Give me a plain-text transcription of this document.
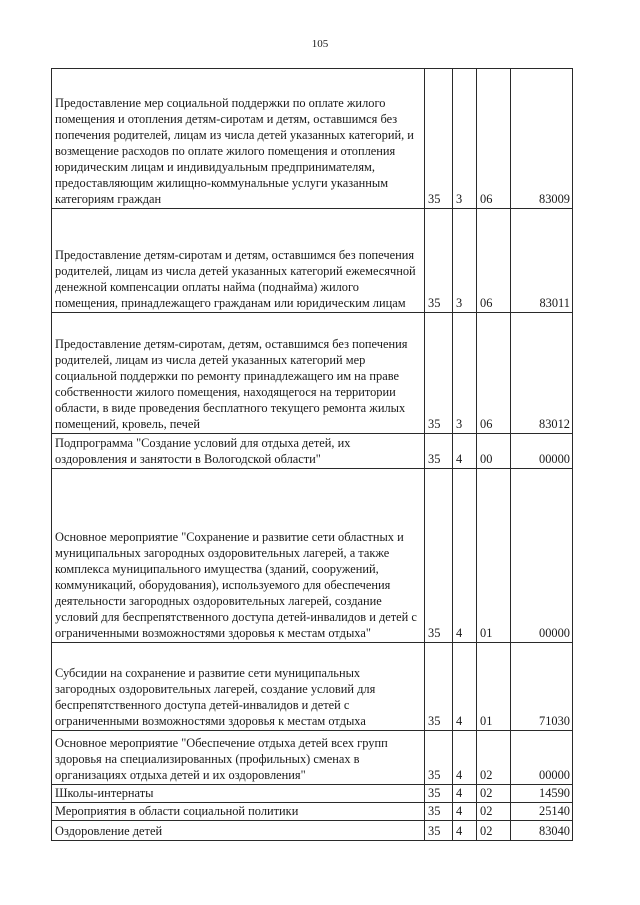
105
Предоставление мер социальной поддержки по оплате жилого помещения и отопления детям-сиротам и детям, оставшимся без попечения родителей, лицам из числа детей указанных категорий, и возмещение расходов по оплате жилого помещения и отопления юридическим лицам и индивидуальным предпринимателям, предоставляющим жилищно-коммунальные услуги указанным категориям граждан	35	3	06	83009
Предоставление детям-сиротам и детям, оставшимся без попечения родителей, лицам из числа детей указанных категорий ежемесячной денежной компенсации оплаты найма (поднайма) жилого помещения, принадлежащего гражданам или юридическим лицам	35	3	06	83011
Предоставление детям-сиротам, детям, оставшимся без попечения родителей, лицам из числа детей указанных категорий мер социальной поддержки по ремонту принадлежащего им на праве собственности жилого помещения, находящегося на территории области, в виде проведения бесплатного текущего ремонта жилых помещений, кровель, печей	35	3	06	83012
Подпрограмма "Создание условий для отдыха детей, их оздоровления и занятости в Вологодской области"	35	4	00	00000
Основное мероприятие "Сохранение и развитие сети областных и муниципальных загородных оздоровительных лагерей, а также комплекса муниципального имущества (зданий, сооружений, коммуникаций, оборудования), используемого для обеспечения деятельности загородных оздоровительных лагерей, создание условий для беспрепятственного доступа детей-инвалидов и детей с ограниченными возможностями здоровья к местам отдыха"	35	4	01	00000
Субсидии на сохранение и развитие сети муниципальных загородных оздоровительных лагерей, создание условий для беспрепятственного доступа детей-инвалидов и детей с ограниченными возможностями здоровья к местам отдыха	35	4	01	71030
Основное мероприятие "Обеспечение отдыха детей всех групп здоровья на специализированных (профильных) сменах в организациях отдыха детей и их оздоровления"	35	4	02	00000
Школы-интернаты	35	4	02	14590
Мероприятия в области социальной политики	35	4	02	25140
Оздоровление детей	35	4	02	83040
